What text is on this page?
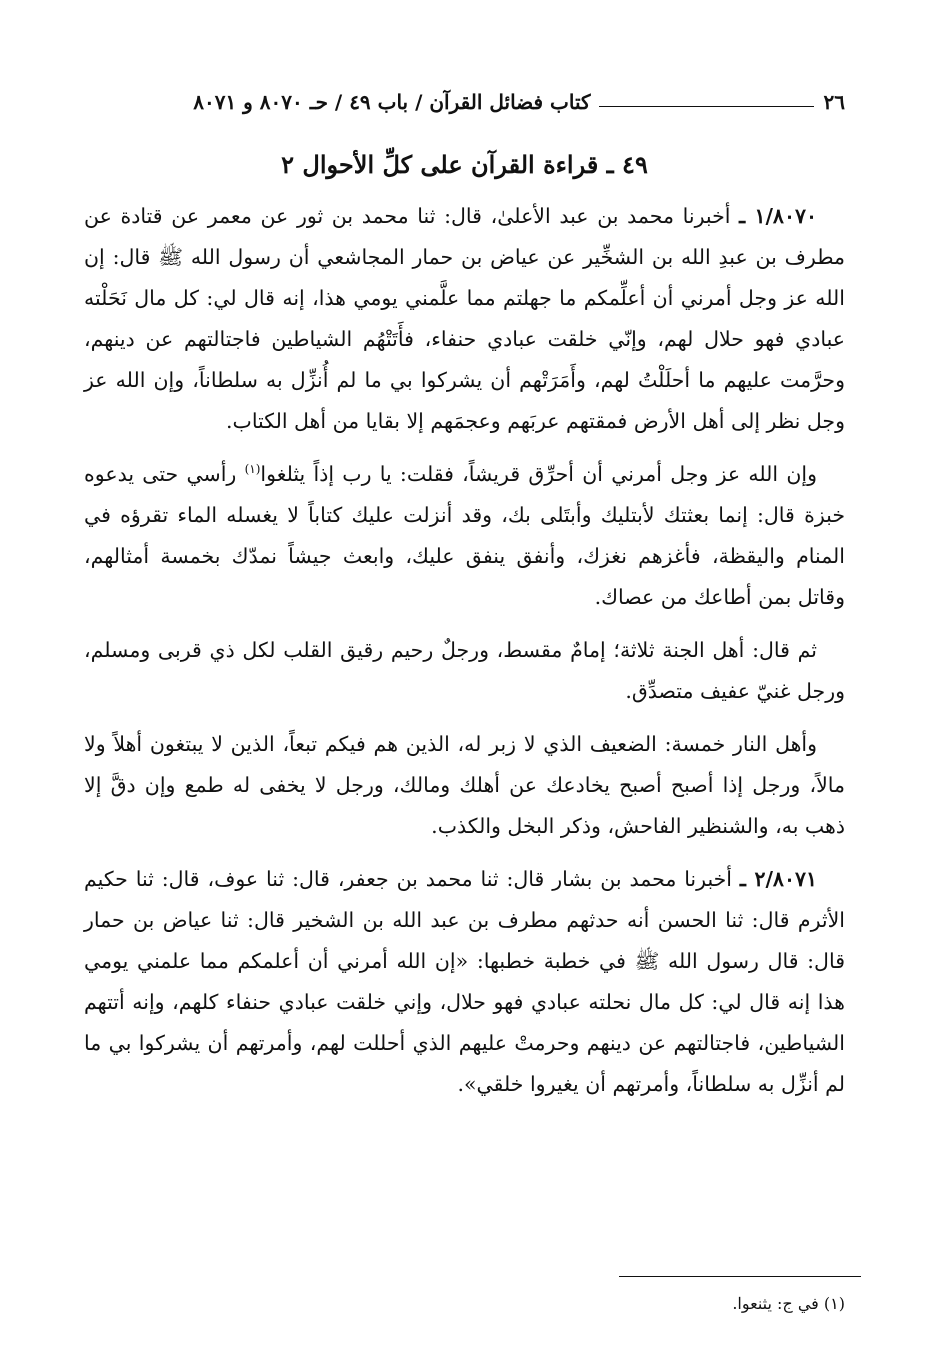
٢٦
كتاب فضائل القرآن / باب ٤٩ / حـ ٨٠٧٠ و ٨٠٧١
٤٩ ـ قراءة القرآن على كلِّ الأحوال ٢

١/٨٠٧٠ ـ أخبرنا محمد بن عبد الأعلىٰ، قال: ثنا محمد بن ثور عن معمر عن قتادة عن مطرف بن عبدِ الله بن الشخِّير عن عياض بن حمار المجاشعي أن رسول الله ﷺ قال: إن الله عز وجل أمرني أن أعلِّمكم ما جهلتم مما علَّمني يومي هذا، إنه قال لي: كل مال نَحَلْته عبادي فهو حلال لهم، وإنّي خلقت عبادي حنفاء، فأَتَتْهُم الشياطين فاجتالتهم عن دينهم، وحرَّمت عليهم ما أحلَلْتُ لهم، وأَمَرَتْهم أن يشركوا بي ما لم أُنزِّل به سلطاناً، وإن الله عز وجل نظر إلى أهل الأرض فمقتهم عربَهم وعجمَهم إلا بقايا من أهل الكتاب.

وإن الله عز وجل أمرني أن أحرِّق قريشاً، فقلت: يا رب إذاً يثلغوا$^{(١)}$ رأسي حتى يدعوه خبزة قال: إنما بعثتك لأبتليك وأبتَلى بك، وقد أنزلت عليك كتاباً لا يغسله الماء تقرؤه في المنام واليقظة، فأغزهم نغزك، وأنفق ينفق عليك، وابعث جيشاً نمدّك بخمسة أمثالهم، وقاتل بمن أطاعك من عصاك.

ثم قال: أهل الجنة ثلاثة؛ إمامٌ مقسط، ورجلٌ رحيم رقيق القلب لكل ذي قربى ومسلم، ورجل غنيّ عفيف متصدِّق.

وأهل النار خمسة: الضعيف الذي لا زبر له، الذين هم فيكم تبعاً، الذين لا يبتغون أهلاً ولا مالاً، ورجل إذا أصبح أصبح يخادعك عن أهلك ومالك، ورجل لا يخفى له طمع وإن دقَّ إلا ذهب به، والشنظير الفاحش، وذكر البخل والكذب.

٢/٨٠٧١ ـ أخبرنا محمد بن بشار قال: ثنا محمد بن جعفر، قال: ثنا عوف، قال: ثنا حكيم الأثرم قال: ثنا الحسن أنه حدثهم مطرف بن عبد الله بن الشخير قال: ثنا عياض بن حمار قال: قال رسول الله ﷺ في خطبة خطبها: «إن الله أمرني أن أعلمكم مما علمني يومي هذا إنه قال لي: كل مال نحلته عبادي فهو حلال، وإني خلقت عبادي حنفاء كلهم، وإنه أتتهم الشياطين، فاجتالتهم عن دينهم وحرمتْ عليهم الذي أحللت لهم، وأمرتهم أن يشركوا بي ما لم أنزِّل به سلطاناً، وأمرتهم أن يغيروا خلقي».

(١) في ج: يثنعوا.
